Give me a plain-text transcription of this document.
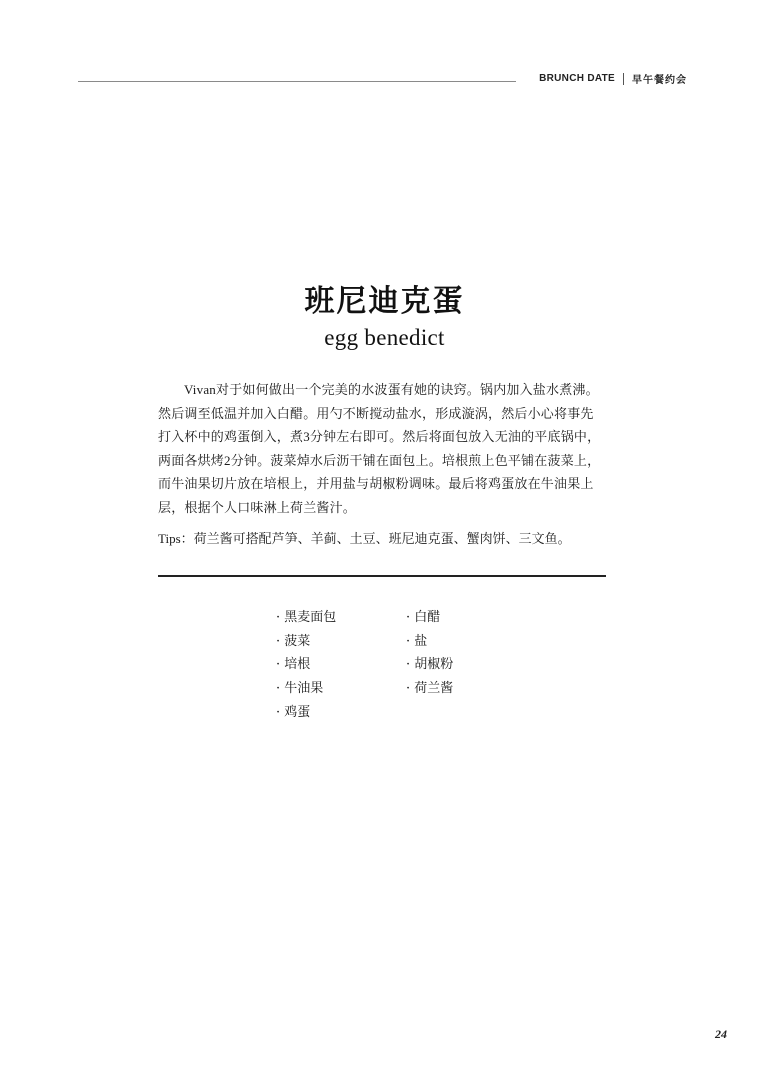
BRUNCH DATE 早午餐约会
班尼迪克蛋
egg benedict

Vivan对于如何做出一个完美的水波蛋有她的诀窍。锅内加入盐水煮沸。然后调至低温并加入白醋。用勺不断搅动盐水，形成漩涡，然后小心将事先打入杯中的鸡蛋倒入，煮3分钟左右即可。然后将面包放入无油的平底锅中，两面各烘烤2分钟。菠菜焯水后沥干铺在面包上。培根煎上色平铺在菠菜上，而牛油果切片放在培根上，并用盐与胡椒粉调味。最后将鸡蛋放在牛油果上层，根据个人口味淋上荷兰酱汁。

Tips：荷兰酱可搭配芦笋、羊蓟、土豆、班尼迪克蛋、蟹肉饼、三文鱼。

· 黑麦面包
· 菠菜
· 培根
· 牛油果
· 鸡蛋
· 白醋
· 盐
· 胡椒粉
· 荷兰酱
24
